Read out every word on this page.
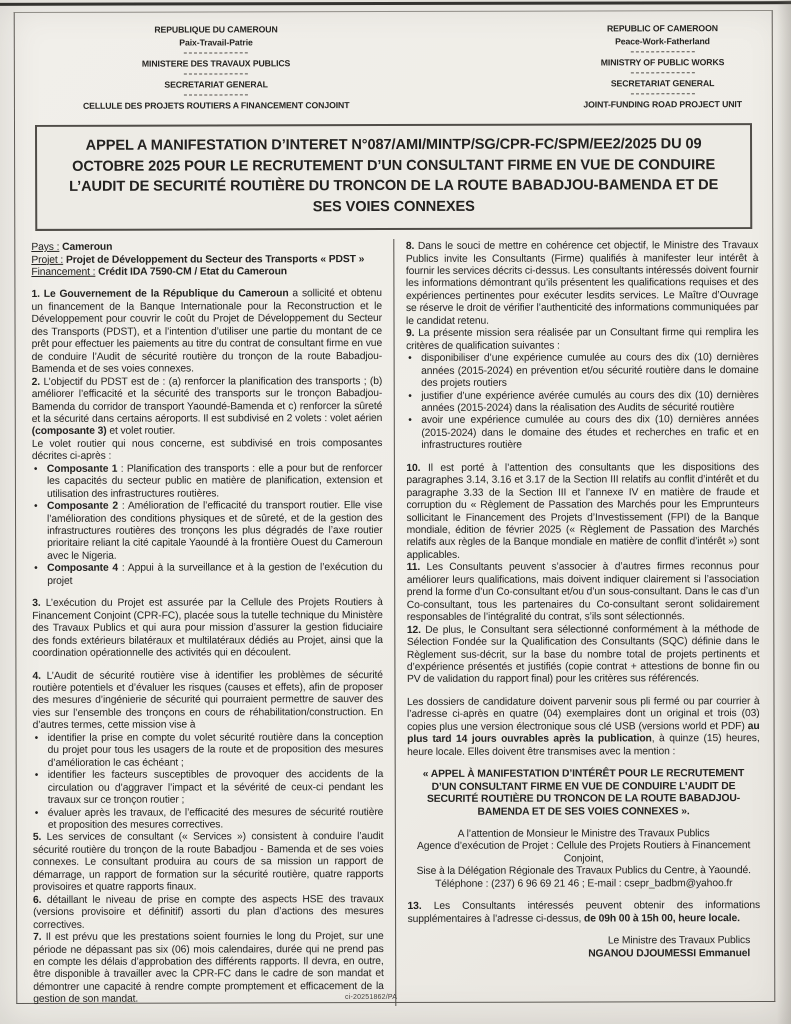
REPUBLIQUE DU CAMEROUN
Paix-Travail-Patrie
MINISTERE DES TRAVAUX PUBLICS
SECRETARIAT GENERAL
CELLULE DES PROJETS ROUTIERS A FINANCEMENT CONJOINT
REPUBLIC OF CAMEROON
Peace-Work-Fatherland
MINISTRY OF PUBLIC WORKS
SECRETARIAT GENERAL
JOINT-FUNDING ROAD PROJECT UNIT
APPEL A MANIFESTATION D’INTERET N°087/AMI/MINTP/SG/CPR-FC/SPM/EE2/2025 DU 09 OCTOBRE 2025 POUR LE RECRUTEMENT D’UN CONSULTANT FIRME EN VUE DE CONDUIRE L’AUDIT DE SECURITÉ ROUTIÈRE DU TRONCON DE LA ROUTE BABADJOU-BAMENDA ET DE SES VOIES CONNEXES
Pays : Cameroun
Projet : Projet de Développement du Secteur des Transports « PDST »
Financement : Crédit IDA 7590-CM / Etat du Cameroun
1. Le Gouvernement de la République du Cameroun a sollicité et obtenu un financement de la Banque Internationale pour la Reconstruction et le Développement pour couvrir le coût du Projet de Développement du Secteur des Transports (PDST), et a l’intention d’utiliser une partie du montant de ce prêt pour effectuer les paiements au titre du contrat de consultant firme en vue de conduire l’Audit de sécurité routière du tronçon de la route Babadjou-Bamenda et de ses voies connexes.
2. L’objectif du PDST est de : (a) renforcer la planification des transports ; (b) améliorer l’efficacité et la sécurité des transports sur le tronçon Babadjou-Bamenda du corridor de transport Yaoundé-Bamenda et c) renforcer la sûreté et la sécurité dans certains aéroports. Il est subdivisé en 2 volets : volet aérien (composante 3) et volet routier.
Le volet routier qui nous concerne, est subdivisé en trois composantes décrites ci-après :
• Composante 1 : Planification des transports : elle a pour but de renforcer les capacités du secteur public en matière de planification, extension et utilisation des infrastructures routières.
• Composante 2 : Amélioration de l’efficacité du transport routier. Elle vise l’amélioration des conditions physiques et de sûreté, et de la gestion des infrastructures routières des tronçons les plus dégradés de l’axe routier prioritaire reliant la cité capitale Yaoundé à la frontière Ouest du Cameroun avec le Nigeria.
• Composante 4 : Appui à la surveillance et à la gestion de l’exécution du projet
3. L’exécution du Projet est assurée par la Cellule des Projets Routiers à Financement Conjoint (CPR-FC), placée sous la tutelle technique du Ministère des Travaux Publics et qui aura pour mission d’assurer la gestion fiduciaire des fonds extérieurs bilatéraux et multilatéraux dédiés au Projet, ainsi que la coordination opérationnelle des activités qui en découlent.
4. L’Audit de sécurité routière vise à identifier les problèmes de sécurité routière potentiels et d’évaluer les risques (causes et effets), afin de proposer des mesures d’ingénierie de sécurité qui pourraient permettre de sauver des vies sur l’ensemble des tronçons en cours de réhabilitation/construction. En d’autres termes, cette mission vise à
• identifier la prise en compte du volet sécurité routière dans la conception du projet pour tous les usagers de la route et de proposition des mesures d’amélioration le cas échéant ;
• identifier les facteurs susceptibles de provoquer des accidents de la circulation ou d’aggraver l’impact et la sévérité de ceux-ci pendant les travaux sur ce tronçon routier ;
• évaluer après les travaux, de l’efficacité des mesures de sécurité routière et proposition des mesures correctives.
5. Les services de consultant (« Services ») consistent à conduire l’audit sécurité routière du tronçon de la route Babadjou - Bamenda et de ses voies connexes. Le consultant produira au cours de sa mission un rapport de démarrage, un rapport de formation sur la sécurité routière, quatre rapports provisoires et quatre rapports finaux.
6. détaillant le niveau de prise en compte des aspects HSE des travaux (versions provisoire et définitif) assorti du plan d’actions des mesures correctives.
7. Il est prévu que les prestations soient fournies le long du Projet, sur une période ne dépassant pas six (06) mois calendaires, durée qui ne prend pas en compte les délais d’approbation des différents rapports. Il devra, en outre, être disponible à travailler avec la CPR-FC dans le cadre de son mandat et démontrer une capacité à rendre compte promptement et efficacement de la gestion de son mandat.
8. Dans le souci de mettre en cohérence cet objectif, le Ministre des Travaux Publics invite les Consultants (Firme) qualifiés à manifester leur intérêt à fournir les services décrits ci-dessus. Les consultants intéressés doivent fournir les informations démontrant qu’ils présentent les qualifications requises et des expériences pertinentes pour exécuter lesdits services. Le Maître d’Ouvrage se réserve le droit de vérifier l’authenticité des informations communiquées par le candidat retenu.
9. La présente mission sera réalisée par un Consultant firme qui remplira les critères de qualification suivantes :
• disponibiliser d’une expérience cumulée au cours des dix (10) dernières années (2015-2024) en prévention et/ou sécurité routière dans le domaine des projets routiers
• justifier d’une expérience avérée cumulés au cours des dix (10) dernières années (2015-2024) dans la réalisation des Audits de sécurité routière
• avoir une expérience cumulée au cours des dix (10) dernières années (2015-2024) dans le domaine des études et recherches en trafic et en infrastructures routière
10. Il est porté à l’attention des consultants que les dispositions des paragraphes 3.14, 3.16 et 3.17 de la Section III relatifs au conflit d’intérêt et du paragraphe 3.33 de la Section III et l’annexe IV en matière de fraude et corruption du « Règlement de Passation des Marchés pour les Emprunteurs sollicitant le Financement des Projets d’Investissement (FPI) de la Banque mondiale, édition de février 2025 (« Règlement de Passation des Marchés relatifs aux règles de la Banque mondiale en matière de conflit d’intérêt ») sont applicables.
11. Les Consultants peuvent s’associer à d’autres firmes reconnus pour améliorer leurs qualifications, mais doivent indiquer clairement si l’association prend la forme d’un Co-consultant et/ou d’un sous-consultant. Dans le cas d’un Co-consultant, tous les partenaires du Co-consultant seront solidairement responsables de l’intégralité du contrat, s’ils sont sélectionnés.
12. De plus, le Consultant sera sélectionné conformément à la méthode de Sélection Fondée sur la Qualification des Consultants (SQC) définie dans le Règlement sus-décrit, sur la base du nombre total de projets pertinents et d’expérience présentés et justifiés (copie contrat + attestions de bonne fin ou PV de validation du rapport final) pour les critères sus référencés.
Les dossiers de candidature doivent parvenir sous pli fermé ou par courrier à l’adresse ci-après en quatre (04) exemplaires dont un original et trois (03) copies plus une version électronique sous clé USB (versions world et PDF) au plus tard 14 jours ouvrables après la publication, à quinze (15) heures, heure locale. Elles doivent être transmises avec la mention :
« APPEL À MANIFESTATION D’INTÉRÊT POUR LE RECRUTEMENT D’UN CONSULTANT FIRME EN VUE DE CONDUIRE L’AUDIT DE SECURITÉ ROUTIÈRE DU TRONCON DE LA ROUTE BABADJOU-BAMENDA ET DE SES VOIES CONNEXES ».
A l’attention de Monsieur le Ministre des Travaux Publics
Agence d’exécution de Projet : Cellule des Projets Routiers à Financement Conjoint,
Sise à la Délégation Régionale des Travaux Publics du Centre, à Yaoundé.
Téléphone : (237) 6 96 69 21 46 ; E-mail : csepr_badbm@yahoo.fr
13. Les Consultants intéressés peuvent obtenir des informations supplémentaires à l’adresse ci-dessus, de 09h 00 à 15h 00, heure locale.
Le Ministre des Travaux Publics
NGANOU DJOUMESSI Emmanuel
ci-20251862/PA
